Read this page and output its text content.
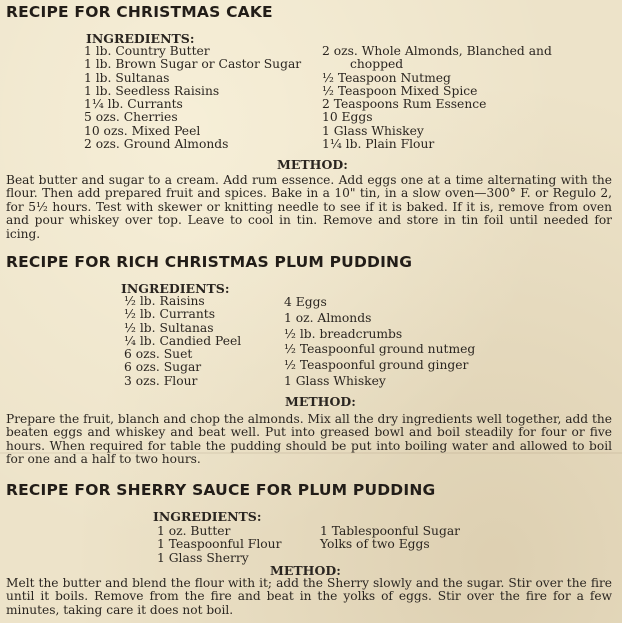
RECIPE FOR CHRISTMAS CAKE
INGREDIENTS:
1 lb. Country Butter
1 lb. Brown Sugar or Castor Sugar
1 lb. Sultanas
1 lb. Seedless Raisins
1¼ lb. Currants
5 ozs. Cherries
10 ozs. Mixed Peel
2 ozs. Ground Almonds
2 ozs. Whole Almonds, Blanched and
chopped
½ Teaspoon Nutmeg
½ Teaspoon Mixed Spice
2 Teaspoons Rum Essence
10 Eggs
1 Glass Whiskey
1¼ lb. Plain Flour
METHOD:

Beat butter and sugar to a cream. Add rum essence. Add eggs one at a time alternating with the flour. Then add prepared fruit and spices. Bake in a 10" tin, in a slow oven—300° F. or Regulo 2, for 5½ hours. Test with skewer or knitting needle to see if it is baked. If it is, remove from oven and pour whiskey over top. Leave to cool in tin. Remove and store in tin foil until needed for icing.

RECIPE FOR RICH CHRISTMAS PLUM PUDDING
INGREDIENTS:
½ lb. Raisins
½ lb. Currants
½ lb. Sultanas
¼ lb. Candied Peel
6 ozs. Suet
6 ozs. Sugar
3 ozs. Flour
4 Eggs
1 oz. Almonds
½ lb. breadcrumbs
½ Teaspoonful ground nutmeg
½ Teaspoonful ground ginger
1 Glass Whiskey
METHOD:

Prepare the fruit, blanch and chop the almonds. Mix all the dry ingredients well together, add the beaten eggs and whiskey and beat well. Put into greased bowl and boil steadily for four or five hours. When required for table the pudding should be put into boiling water and allowed to boil for one and a half to two hours.

RECIPE FOR SHERRY SAUCE FOR PLUM PUDDING
INGREDIENTS:
1 oz. Butter
1 Teaspoonful Flour
1 Glass Sherry
1 Tablespoonful Sugar
Yolks of two Eggs
METHOD:

Melt the butter and blend the flour with it; add the Sherry slowly and the sugar. Stir over the fire until it boils. Remove from the fire and beat in the yolks of eggs. Stir over the fire for a few minutes, taking care it does not boil.
